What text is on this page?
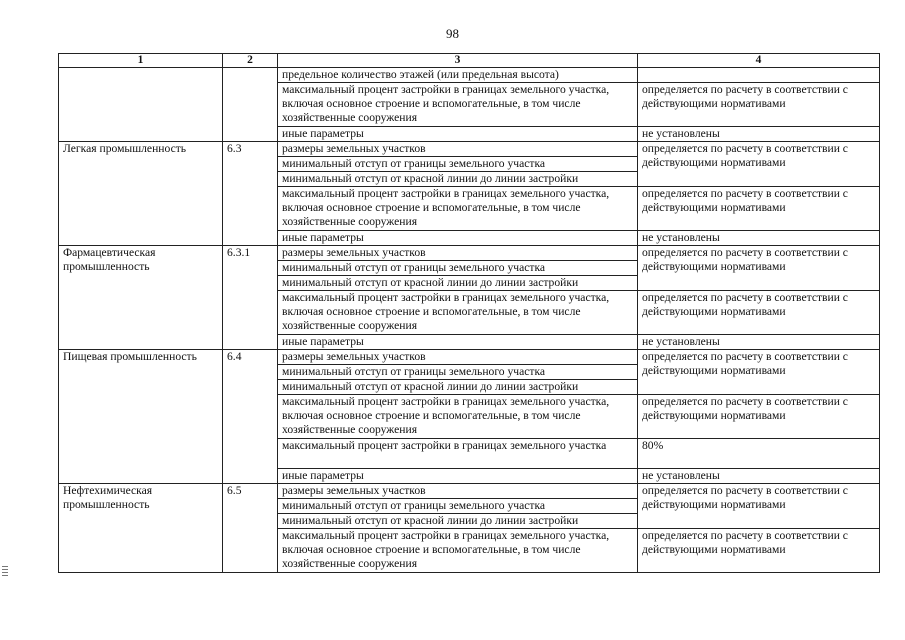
98
1	2	3	4
		предельное количество этажей (или предельная высота)	
		максимальный процент застройки в границах земельного участка, включая основное строение и вспомогательные, в том числе хозяйственные сооружения	определяется по расчету в соответствии с действующими нормативами
		иные параметры	не установлены
Легкая промышленность	6.3	размеры земельных участков	определяется по расчету в соответствии с действующими нормативами
		минимальный отступ от границы земельного участка	
		минимальный отступ от красной линии до линии застройки	
		максимальный процент застройки в границах земельного участка, включая основное строение и вспомогательные, в том числе хозяйственные сооружения	определяется по расчету в соответствии с действующими нормативами
		иные параметры	не установлены
Фармацевтическая промышленность	6.3.1	размеры земельных участков	определяется по расчету в соответствии с действующими нормативами
		минимальный отступ от границы земельного участка	
		минимальный отступ от красной линии до линии застройки	
		максимальный процент застройки в границах земельного участка, включая основное строение и вспомогательные, в том числе хозяйственные сооружения	определяется по расчету в соответствии с действующими нормативами
		иные параметры	не установлены
Пищевая промышленность	6.4	размеры земельных участков	определяется по расчету в соответствии с действующими нормативами
		минимальный отступ от границы земельного участка	
		минимальный отступ от красной линии до линии застройки	
		максимальный процент застройки в границах земельного участка, включая основное строение и вспомогательные, в том числе хозяйственные сооружения	определяется по расчету в соответствии с действующими нормативами
		максимальный процент застройки в границах земельного участка	80%
		иные параметры	не установлены
Нефтехимическая промышленность	6.5	размеры земельных участков	определяется по расчету в соответствии с действующими нормативами
		минимальный отступ от границы земельного участка	
		минимальный отступ от красной линии до линии застройки	
		максимальный процент застройки в границах земельного участка, включая основное строение и вспомогательные, в том числе хозяйственные сооружения	определяется по расчету в соответствии с действующими нормативами
